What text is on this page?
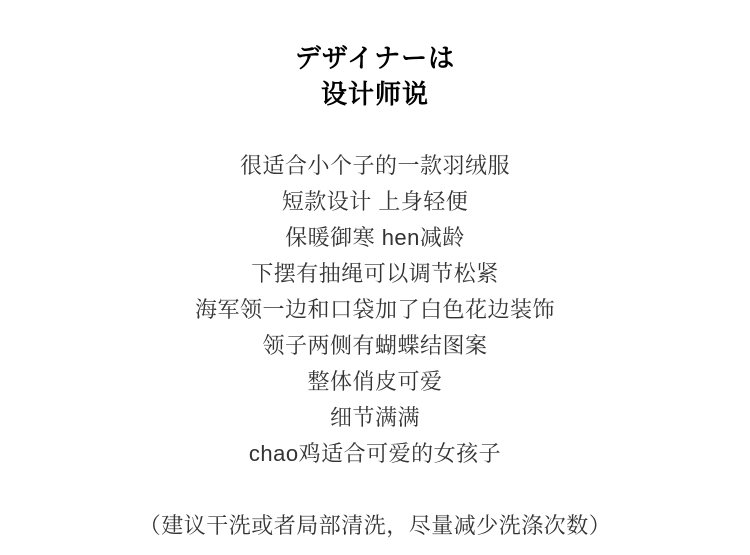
デザイナーは
设计师说

很适合小个子的一款羽绒服

短款设计 上身轻便

保暖御寒 hen减龄

下摆有抽绳可以调节松紧

海军领一边和口袋加了白色花边装饰

领子两侧有蝴蝶结图案

整体俏皮可爱

细节满满

chao鸡适合可爱的女孩子

（建议干洗或者局部清洗，尽量减少洗涤次数）
